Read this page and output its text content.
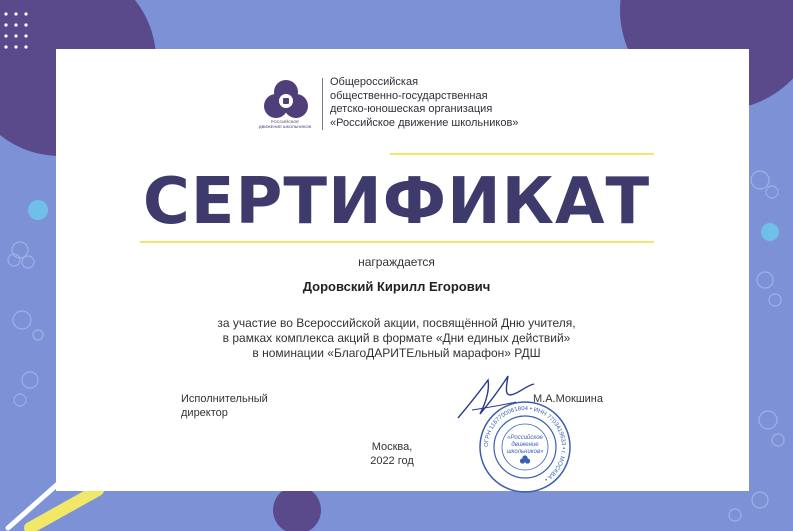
РОССИЙСКОЕ
ДВИЖЕНИЕ ШКОЛЬНИКОВ
Общероссийская
общественно-государственная
детско-юношеская организация
«Российское движение школьников»
СЕРТИФИКАТ
награждается
Доровский Кирилл Егорович
за участие во Всероссийской акции, посвящённой Дню учителя,
в рамках комплекса акций в формате «Дни единых действий»
в номинации «БлагоДАРИТЕльный марафон» РДШ
Исполнительный
директор
М.А.Мокшина
ОГРН 1167700061804 • ИНН 7703419633 • г. МОСКВА •
«Российское
движение
школьников»
Москва,
2022 год
